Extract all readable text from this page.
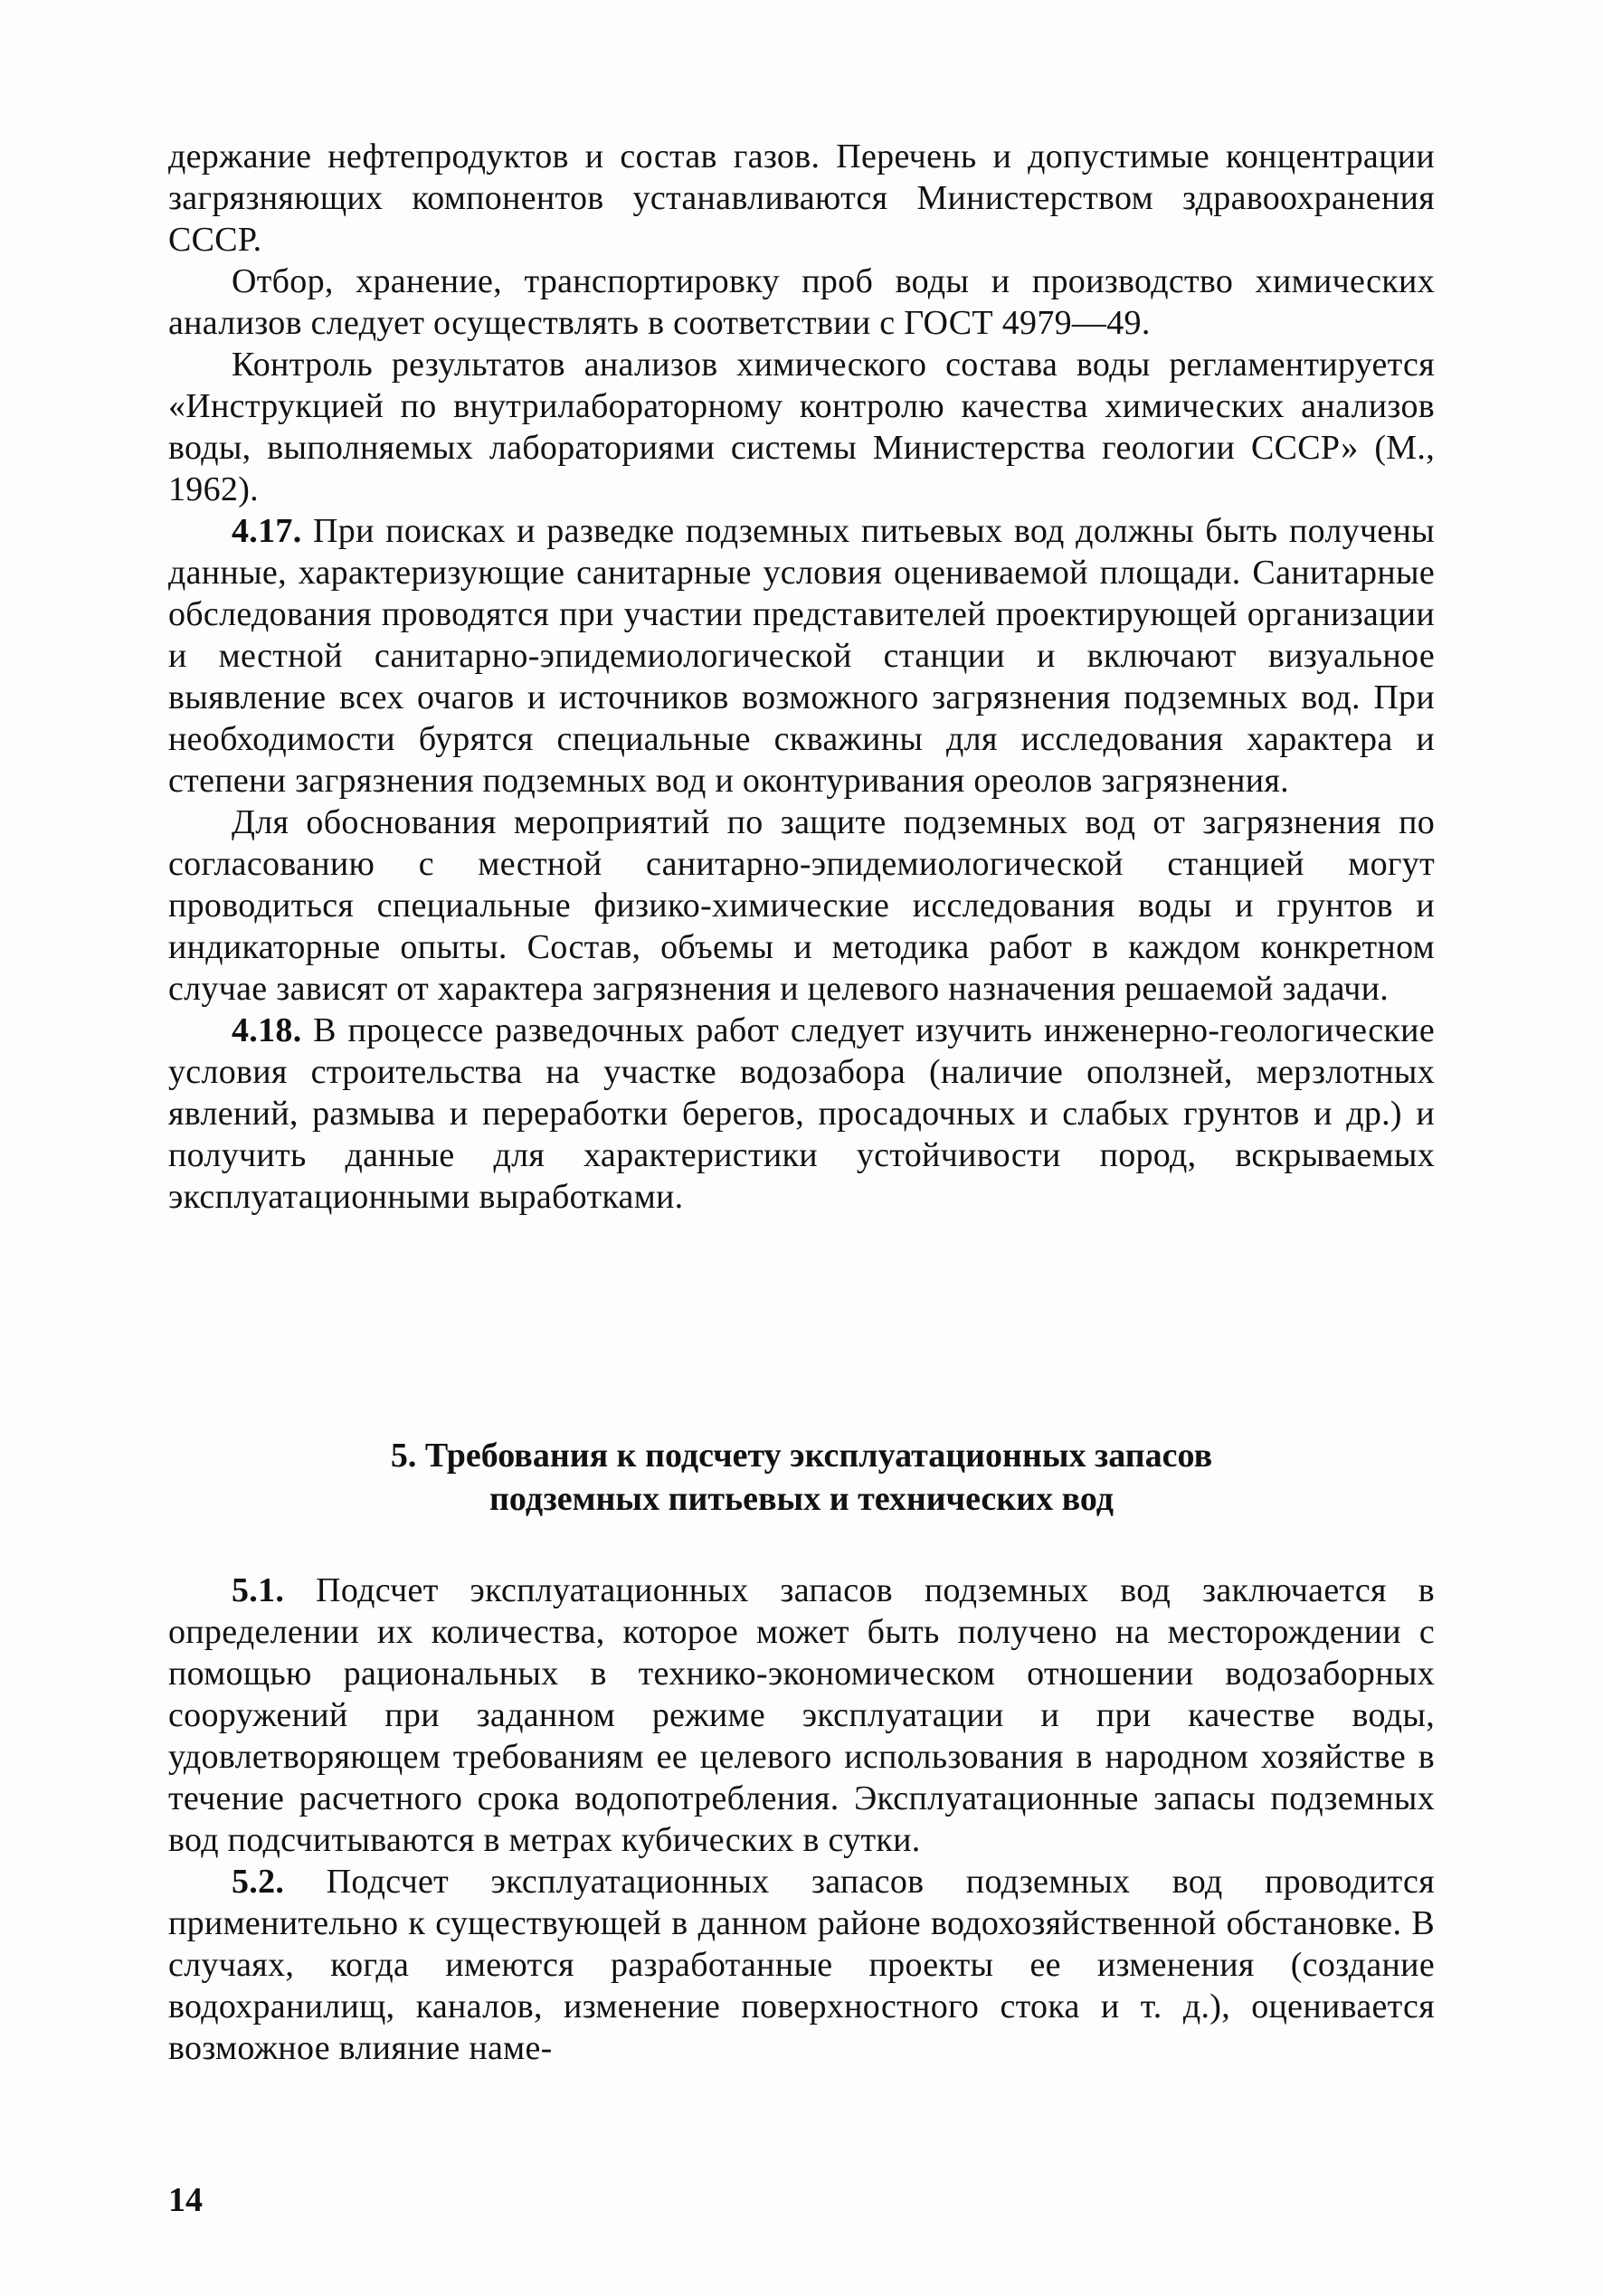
держание нефтепродуктов и состав газов. Перечень и допустимые концентрации загрязняющих компонентов устанавливаются Министерством здравоохранения СССР.

Отбор, хранение, транспортировку проб воды и производство химических анализов следует осуществлять в соответствии с ГОСТ 4979—49.

Контроль результатов анализов химического состава воды регламентируется «Инструкцией по внутрилабораторному контролю качества химических анализов воды, выполняемых лабораториями системы Министерства геологии СССР» (М., 1962).

4.17. При поисках и разведке подземных питьевых вод должны быть получены данные, характеризующие санитарные условия оцениваемой площади. Санитарные обследования проводятся при участии представителей проектирующей организации и местной санитарно-эпидемиологической станции и включают визуальное выявление всех очагов и источников возможного загрязнения подземных вод. При необходимости бурятся специальные скважины для исследования характера и степени загрязнения подземных вод и оконтуривания ореолов загрязнения.

Для обоснования мероприятий по защите подземных вод от загрязнения по согласованию с местной санитарно-эпидемиологической станцией могут проводиться специальные физико-химические исследования воды и грунтов и индикаторные опыты. Состав, объемы и методика работ в каждом конкретном случае зависят от характера загрязнения и целевого назначения решаемой задачи.

4.18. В процессе разведочных работ следует изучить инженерно-геологические условия строительства на участке водозабора (наличие оползней, мерзлотных явлений, размыва и переработки берегов, просадочных и слабых грунтов и др.) и получить данные для характеристики устойчивости пород, вскрываемых эксплуатационными выработками.

5. Требования к подсчету эксплуатационных запасов
подземных питьевых и технических вод

5.1. Подсчет эксплуатационных запасов подземных вод заключается в определении их количества, которое может быть получено на месторождении с помощью рациональных в технико-экономическом отношении водозаборных сооружений при заданном режиме эксплуатации и при качестве воды, удовлетворяющем требованиям ее целевого использования в народном хозяйстве в течение расчетного срока водопотребления. Эксплуатационные запасы подземных вод подсчитываются в метрах кубических в сутки.

5.2. Подсчет эксплуатационных запасов подземных вод проводится применительно к существующей в данном районе водохозяйственной обстановке. В случаях, когда имеются разработанные проекты ее изменения (создание водохранилищ, каналов, изменение поверхностного стока и т. д.), оценивается возможное влияние наме-

14
